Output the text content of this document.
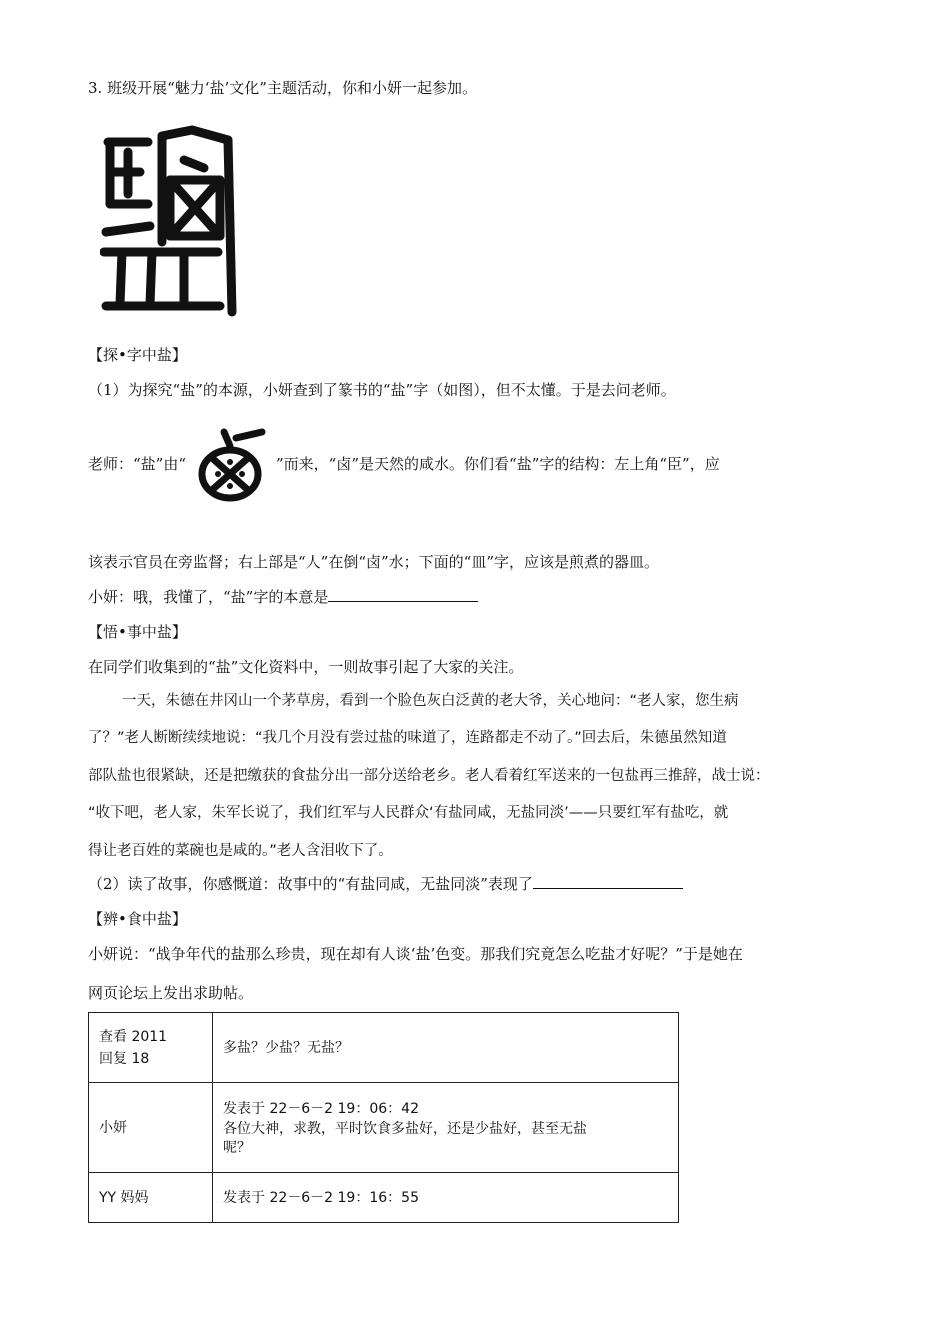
3. 班级开展“魅力‘盐’文化”主题活动，你和小妍一起参加。
【探•字中盐】
（1）为探究“盐”的本源，小妍查到了篆书的“盐”字（如图），但不太懂。于是去问老师。
老师：“盐”由“	”而来，“卤”是天然的咸水。你们看“盐”字的结构：左上角“臣”，应
该表示官员在旁监督；右上部是“人”在倒“卤”水；下面的“皿”字，应该是煎煮的器皿。
小妍：哦，我懂了，“盐”字的本意是
【悟•事中盐】
在同学们收集到的“盐”文化资料中，一则故事引起了大家的关注。
一天，朱德在井冈山一个茅草房，看到一个脸色灰白泛黄的老大爷，关心地问：“老人家，您生病
了？”老人断断续续地说：“我几个月没有尝过盐的味道了，连路都走不动了。”回去后，朱德虽然知道
部队盐也很紧缺，还是把缴获的食盐分出一部分送给老乡。老人看着红军送来的一包盐再三推辞，战士说：
“收下吧，老人家，朱军长说了，我们红军与人民群众‘有盐同咸，无盐同淡’——只要红军有盐吃，就
得让老百姓的菜碗也是咸的。”老人含泪收下了。
（2）读了故事，你感慨道：故事中的“有盐同咸，无盐同淡”表现了
【辨•食中盐】
小妍说：“战争年代的盐那么珍贵，现在却有人谈‘盐’色变。那我们究竟怎么吃盐才好呢？”于是她在
网页论坛上发出求助帖。
查看 2011
回复 18	多盐？少盐？无盐？
小妍	发表于 22－6－2 19：06：42
各位大神，求教，平时饮食多盐好，还是少盐好，甚至无盐
呢？

YY 妈妈	发表于 22－6－2 19：16：55
